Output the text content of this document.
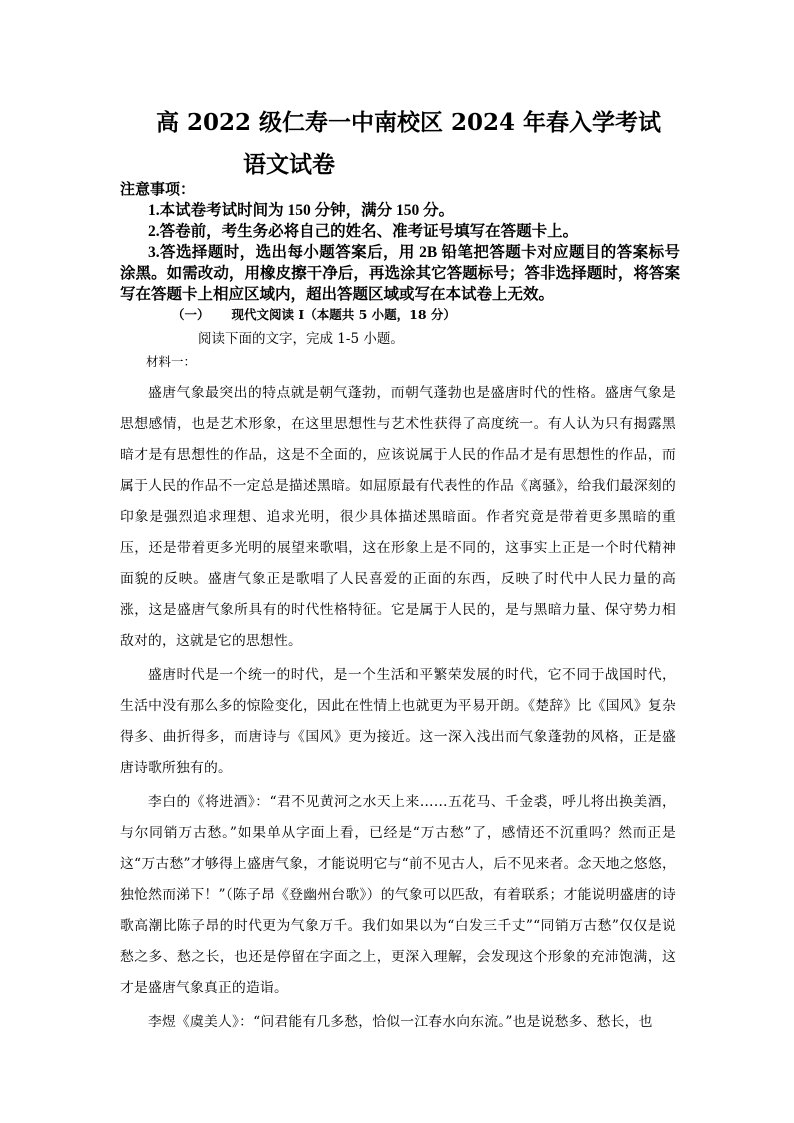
高 2022 级仁寿一中南校区 2024 年春入学考试
语文试卷

注意事项：

1.本试卷考试时间为 150 分钟，满分 150 分。

2.答卷前，考生务必将自己的姓名、准考证号填写在答题卡上。

3.答选择题时，选出每小题答案后，用 2B 铅笔把答题卡对应题目的答案标号涂黑。如需改动，用橡皮擦干净后，再选涂其它答题标号；答非选择题时，将答案写在答题卡上相应区域内，超出答题区域或写在本试卷上无效。

（一） 现代文阅读 I（本题共 5 小题，18 分）
阅读下面的文字，完成 1-5 小题。
材料一：

盛唐气象最突出的特点就是朝气蓬勃，而朝气蓬勃也是盛唐时代的性格。盛唐气象是思想感情，也是艺术形象，在这里思想性与艺术性获得了高度统一。有人认为只有揭露黑暗才是有思想性的作品，这是不全面的，应该说属于人民的作品才是有思想性的作品，而属于人民的作品不一定总是描述黑暗。如屈原最有代表性的作品《离骚》，给我们最深刻的印象是强烈追求理想、追求光明，很少具体描述黑暗面。作者究竟是带着更多黑暗的重压，还是带着更多光明的展望来歌唱，这在形象上是不同的，这事实上正是一个时代精神面貌的反映。盛唐气象正是歌唱了人民喜爱的正面的东西，反映了时代中人民力量的高涨，这是盛唐气象所具有的时代性格特征。它是属于人民的，是与黑暗力量、保守势力相敌对的，这就是它的思想性。

盛唐时代是一个统一的时代，是一个生活和平繁荣发展的时代，它不同于战国时代，生活中没有那么多的惊险变化，因此在性情上也就更为平易开朗。《楚辞》比《国风》复杂得多、曲折得多，而唐诗与《国风》更为接近。这一深入浅出而气象蓬勃的风格，正是盛唐诗歌所独有的。

李白的《将进酒》：“君不见黄河之水天上来……五花马、千金裘，呼儿将出换美酒，与尔同销万古愁。”如果单从字面上看，已经是“万古愁”了，感情还不沉重吗？然而正是这“万古愁”才够得上盛唐气象，才能说明它与“前不见古人，后不见来者。念天地之悠悠，独怆然而涕下！”（陈子昂《登幽州台歌》）的气象可以匹敌，有着联系；才能说明盛唐的诗歌高潮比陈子昂的时代更为气象万千。我们如果以为“白发三千丈”“同销万古愁”仅仅是说愁之多、愁之长，也还是停留在字面之上，更深入理解，会发现这个形象的充沛饱满，这才是盛唐气象真正的造诣。

李煜《虞美人》：“问君能有几多愁，恰似一江春水向东流。”也是说愁多、愁长，也
